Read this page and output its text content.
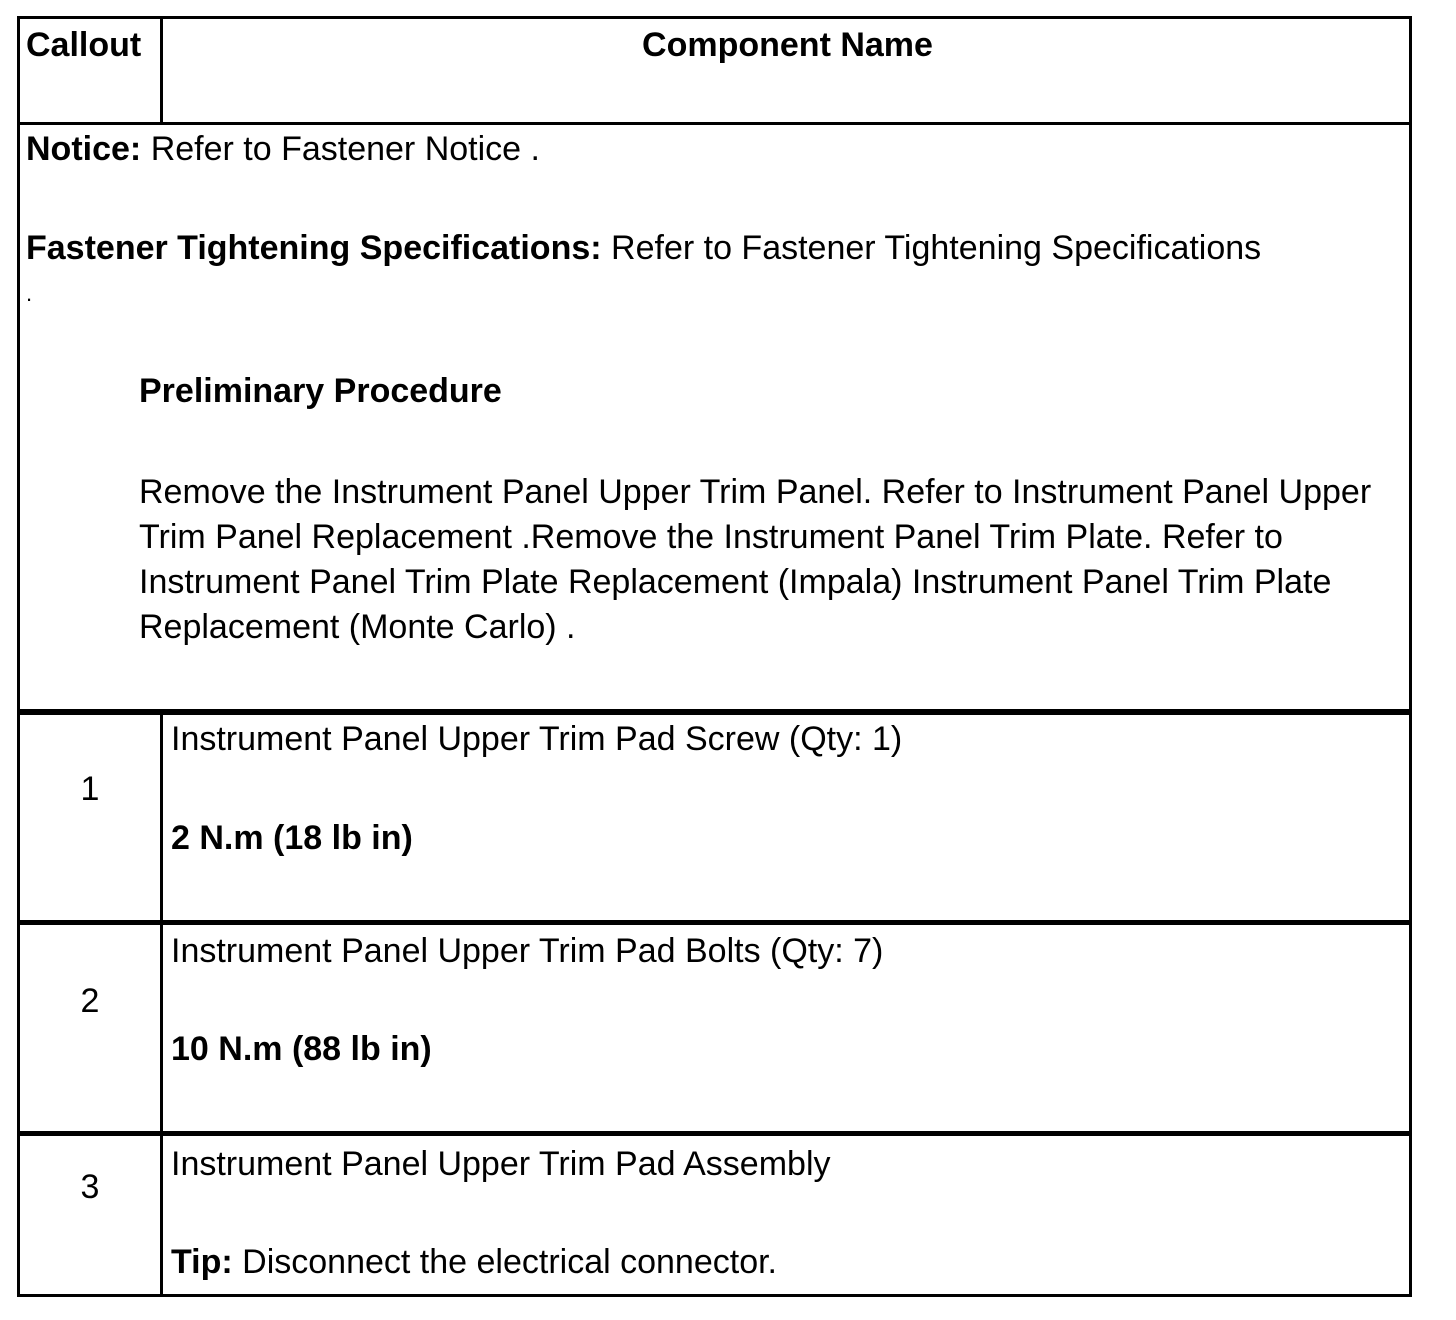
Callout	Component Name
Notice: Refer to Fastener Notice .
Fastener Tightening Specifications: Refer to Fastener Tightening Specifications
.
Preliminary Procedure
Remove the Instrument Panel Upper Trim Panel. Refer to Instrument Panel Upper Trim Panel Replacement .Remove the Instrument Panel Trim Plate. Refer to Instrument Panel Trim Plate Replacement (Impala) Instrument Panel Trim Plate Replacement (Monte Carlo) .
1
Instrument Panel Upper Trim Pad Screw (Qty: 1)
2 N.m (18 lb in)
2
Instrument Panel Upper Trim Pad Bolts (Qty: 7)
10 N.m (88 lb in)
3
Instrument Panel Upper Trim Pad Assembly
Tip: Disconnect the electrical connector.
